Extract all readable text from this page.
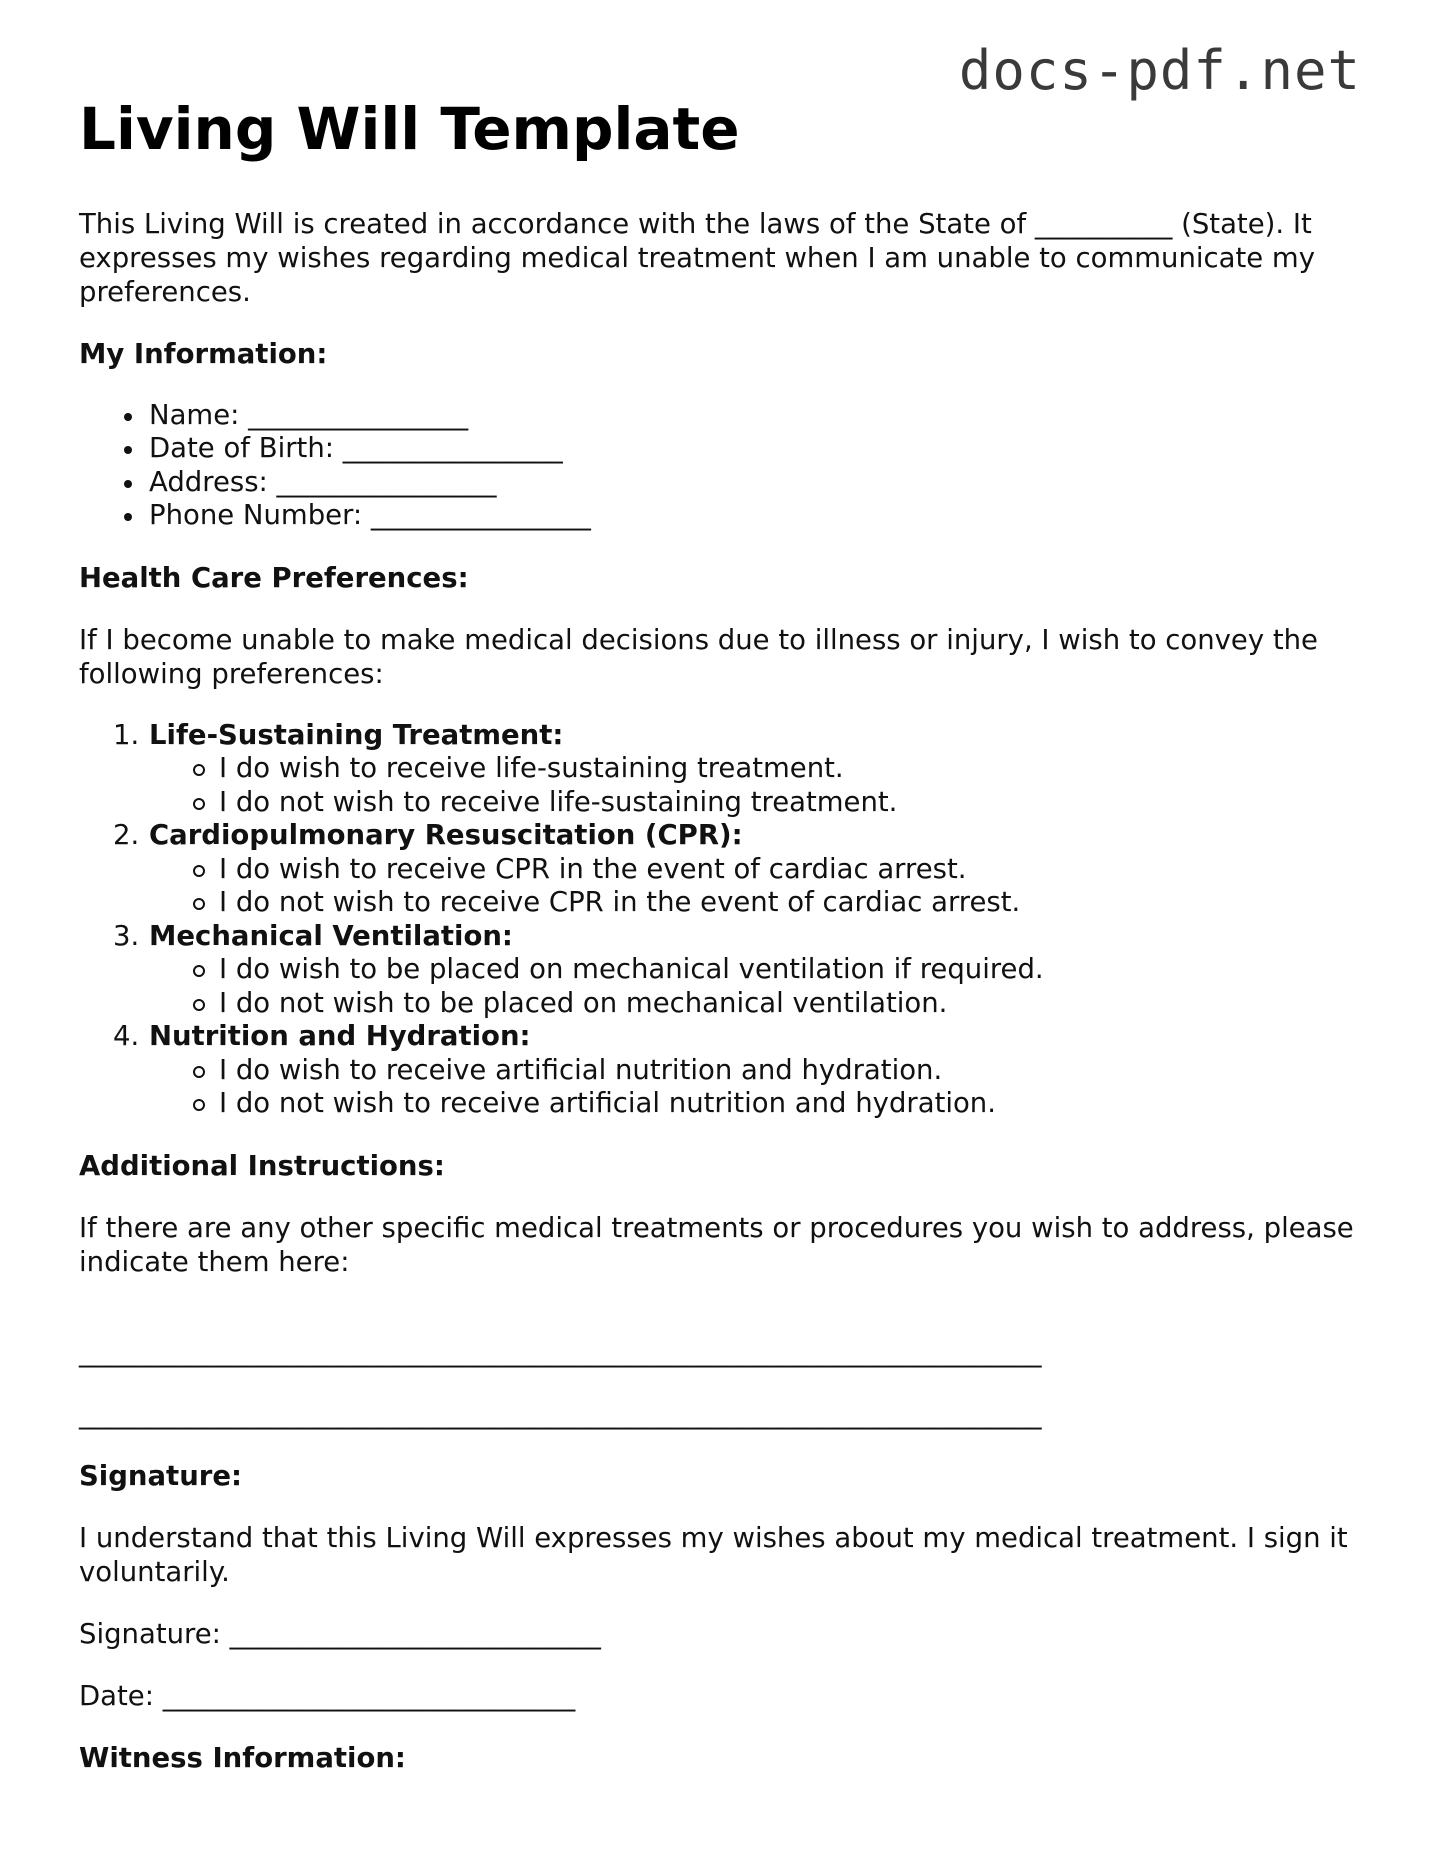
docs-pdf.net
Living Will Template

This Living Will is created in accordance with the laws of the State of __________ (State). It expresses my wishes regarding medical treatment when I am unable to communicate my preferences.

My Information:
Name: ________________
Date of Birth: ________________
Address: ________________
Phone Number: ________________
Health Care Preferences:

If I become unable to make medical decisions due to illness or injury, I wish to convey the following preferences:

1. Life-Sustaining Treatment:
I do wish to receive life-sustaining treatment.
I do not wish to receive life-sustaining treatment.
2. Cardiopulmonary Resuscitation (CPR):
I do wish to receive CPR in the event of cardiac arrest.
I do not wish to receive CPR in the event of cardiac arrest.
3. Mechanical Ventilation:
I do wish to be placed on mechanical ventilation if required.
I do not wish to be placed on mechanical ventilation.
4. Nutrition and Hydration:
I do wish to receive artificial nutrition and hydration.
I do not wish to receive artificial nutrition and hydration.
Additional Instructions:

If there are any other specific medical treatments or procedures you wish to address, please indicate them here:

______________________________________________________________________
______________________________________________________________________
Signature:

I understand that this Living Will expresses my wishes about my medical treatment. I sign it voluntarily.

Signature: ___________________________

Date: ______________________________

Witness Information:
